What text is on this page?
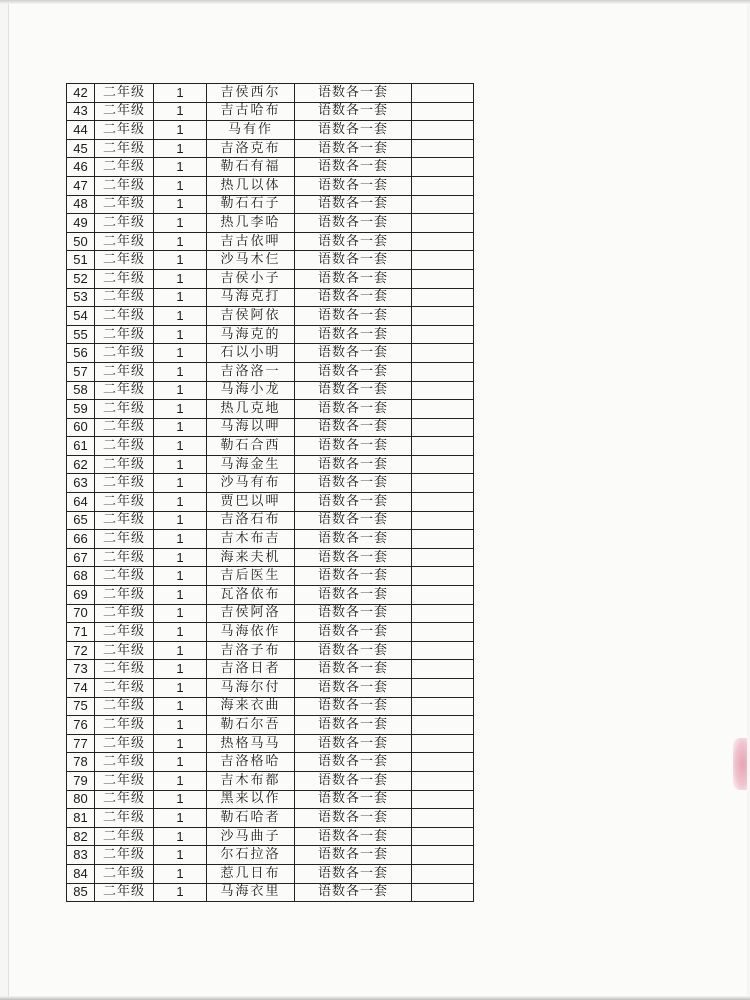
42	二年级	1	吉侯西尔	语数各一套	
43	二年级	1	吉古哈布	语数各一套	
44	二年级	1	马有作	语数各一套	
45	二年级	1	吉洛克布	语数各一套	
46	二年级	1	勒石有福	语数各一套	
47	二年级	1	热几以体	语数各一套	
48	二年级	1	勒石石子	语数各一套	
49	二年级	1	热几李哈	语数各一套	
50	二年级	1	吉古依呷	语数各一套	
51	二年级	1	沙马木仨	语数各一套	
52	二年级	1	吉侯小子	语数各一套	
53	二年级	1	马海克打	语数各一套	
54	二年级	1	吉侯阿依	语数各一套	
55	二年级	1	马海克的	语数各一套	
56	二年级	1	石以小明	语数各一套	
57	二年级	1	吉洛洛一	语数各一套	
58	二年级	1	马海小龙	语数各一套	
59	二年级	1	热几克地	语数各一套	
60	二年级	1	马海以呷	语数各一套	
61	二年级	1	勒石合西	语数各一套	
62	二年级	1	马海金生	语数各一套	
63	二年级	1	沙马有布	语数各一套	
64	二年级	1	贾巴以呷	语数各一套	
65	二年级	1	吉洛石布	语数各一套	
66	二年级	1	吉木布吉	语数各一套	
67	二年级	1	海来夫机	语数各一套	
68	二年级	1	吉后医生	语数各一套	
69	二年级	1	瓦洛依布	语数各一套	
70	二年级	1	吉侯阿洛	语数各一套	
71	二年级	1	马海依作	语数各一套	
72	二年级	1	吉洛子布	语数各一套	
73	二年级	1	吉洛日者	语数各一套	
74	二年级	1	马海尔付	语数各一套	
75	二年级	1	海来衣曲	语数各一套	
76	二年级	1	勒石尔吾	语数各一套	
77	二年级	1	热格马马	语数各一套	
78	二年级	1	吉洛格哈	语数各一套	
79	二年级	1	吉木布都	语数各一套	
80	二年级	1	黑来以作	语数各一套	
81	二年级	1	勒石哈者	语数各一套	
82	二年级	1	沙马曲子	语数各一套	
83	二年级	1	尔石拉洛	语数各一套	
84	二年级	1	惹几日布	语数各一套	
85	二年级	1	马海衣里	语数各一套	
